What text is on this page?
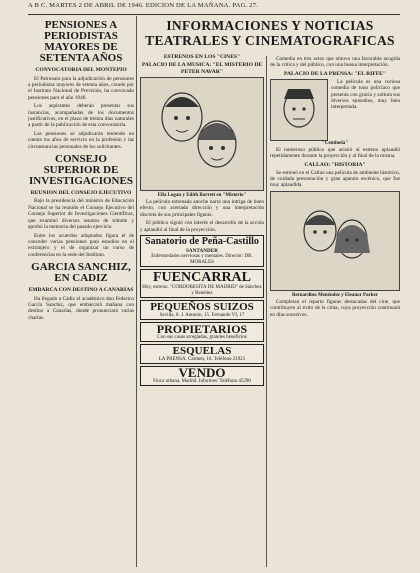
A B C. MARTES 2 DE ABRIL DE 1946. EDICION DE LA MAÑANA. PAG. 27.
PENSIONES A PERIODISTAS MAYORES DE SETENTA AÑOS
CONVOCATORIA DEL MONTEPIO

El Patronato para la adjudicación de pensiones a periodistas mayores de setenta años, creado por el Instituto Nacional de Previsión, ha convocado pensiones para el año 1946.

Los aspirantes deberán presentar sus instancias, acompañadas de los documentos justificativos, en el plazo de treinta días naturales a partir de la publicación de esta convocatoria.

Las pensiones se adjudicarán teniendo en cuenta los años de servicio en la profesión y las circunstancias personales de los solicitantes.

CONSEJO SUPERIOR DE INVESTIGACIONES
REUNION DEL CONSEJO EJECUTIVO

Bajo la presidencia del ministro de Educación Nacional se ha reunido el Consejo Ejecutivo del Consejo Superior de Investigaciones Científicas, que examinó diversos asuntos de trámite y aprobó la memoria del pasado ejercicio.

Entre los acuerdos adoptados figura el de conceder varias pensiones para estudios en el extranjero y el de organizar un curso de conferencias en la sede del Instituto.

GARCIA SANCHIZ, EN CADIZ
EMBARCA CON DESTINO A CANARIAS

Ha llegado a Cádiz el académico don Federico García Sanchiz, que embarcará mañana con destino a Canarias, donde pronunciará varias charlas.

INFORMACIONES Y NOTICIAS TEATRALES Y CINEMATOGRAFICAS
ESTRENOS EN LOS "CINES"
PALACIO DE LA MUSICA: "EL MISTERIO DE PETER NAVAR"
Ella Logan y Edith Barrett en "Misterio"

La película estrenada anoche narra una intriga de buen efecto, con acertada dirección y una interpretación discreta de sus principales figuras.

El público siguió con interés el desarrollo de la acción y aplaudió al final de la proyección.

Sanatorio de Peña-Castillo
SANTANDER
Enfermedades nerviosas y mentales. Director: DR. MORALES
FUENCARRAL
Hoy, estreno. "CORDOBESITA DE MADRID" de Sánchez y Benéitez
PEQUEÑOS SUIZOS
Sevilla, 8. J. Antonio, 15. Fernando VI, 17
PROPIETARIOS
Con sus casas arregladas, grandes beneficios
ESQUELAS
LA PRENSA. Carmen, 16. Teléfono 21921
VENDO
Finca urbana. Madrid. Informes: Teléfono 45290

Comedia en tres actos que obtuvo una favorable acogida de la crítica y del público, con una buena interpretación.

PALACIO DE LA PRENSA: "EL RIFFE"

La película es una curiosa comedia de tono policíaco que presenta con gracia y soltura sus diversos episodios, muy bien interpretada.

"Centinela"

El numeroso público que asistió al estreno aplaudió repetidamente durante la proyección y al final de la misma.

CALLAO: "HISTORIA"

Se estrenó en el Callao una película de ambiente histórico, de cuidada presentación y gran aparato escénico, que fue muy aplaudida.

Bernardino Menéndez y Eleanor Parker

Completan el reparto figuras destacadas del cine, que contribuyen al éxito de la cinta, cuya proyección continuará en días sucesivos.
